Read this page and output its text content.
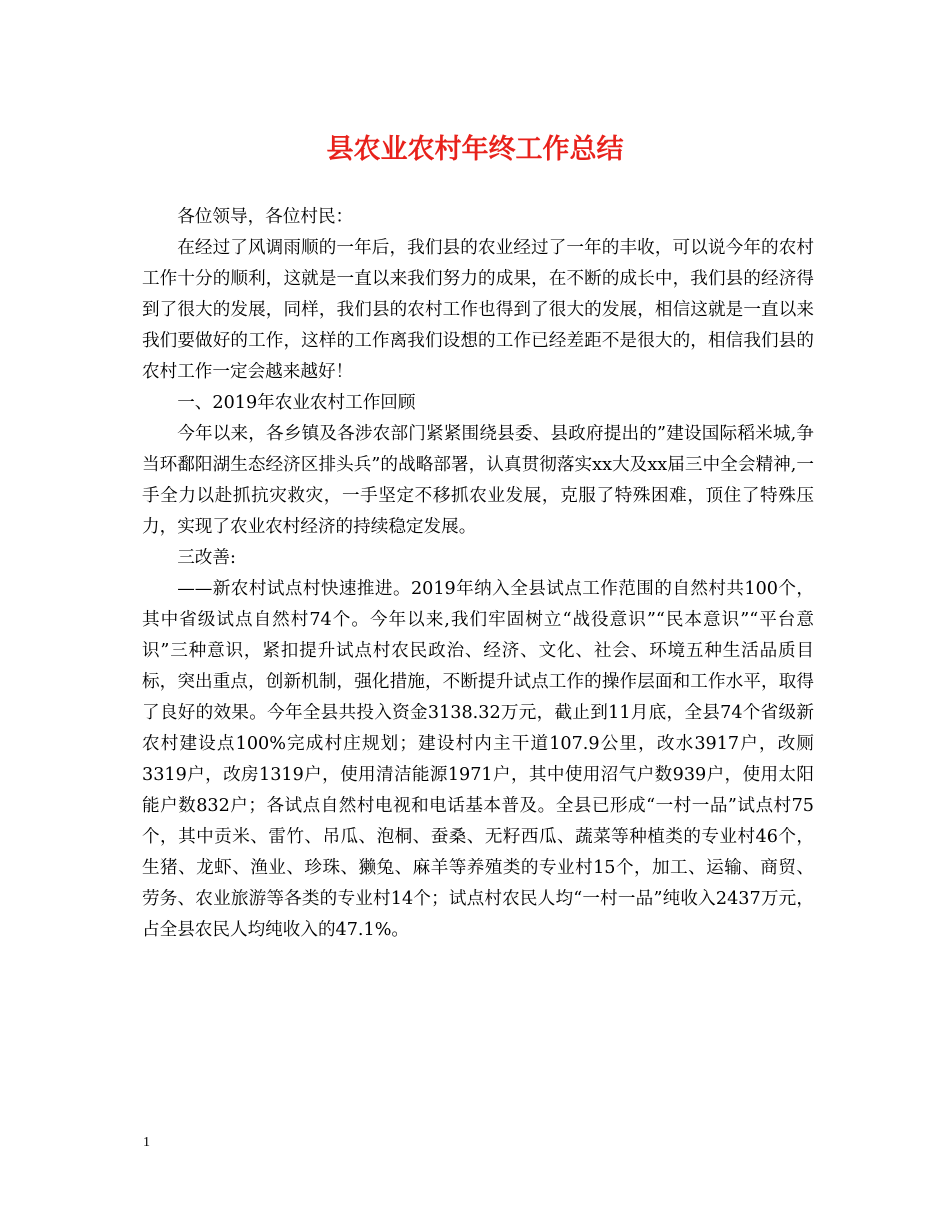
县农业农村年终工作总结

各位领导，各位村民：

在经过了风调雨顺的一年后，我们县的农业经过了一年的丰收，可以说今年的农村工作十分的顺利，这就是一直以来我们努力的成果，在不断的成长中，我们县的经济得到了很大的发展，同样，我们县的农村工作也得到了很大的发展，相信这就是一直以来我们要做好的工作，这样的工作离我们设想的工作已经差距不是很大的，相信我们县的农村工作一定会越来越好！

一、2019年农业农村工作回顾

今年以来，各乡镇及各涉农部门紧紧围绕县委、县政府提出的”建设国际稻米城,争当环鄱阳湖生态经济区排头兵”的战略部署，认真贯彻落实xx大及xx届三中全会精神,一手全力以赴抓抗灾救灾，一手坚定不移抓农业发展，克服了特殊困难，顶住了特殊压力，实现了农业农村经济的持续稳定发展。

三改善:

——新农村试点村快速推进。2019年纳入全县试点工作范围的自然村共100个，其中省级试点自然村74个。今年以来,我们牢固树立“战役意识”“民本意识”“平台意识”三种意识，紧扣提升试点村农民政治、经济、文化、社会、环境五种生活品质目标，突出重点，创新机制，强化措施，不断提升试点工作的操作层面和工作水平，取得了良好的效果。今年全县共投入资金3138.32万元，截止到11月底，全县74个省级新农村建设点100%完成村庄规划；建设村内主干道107.9公里，改水3917户，改厕3319户，改房1319户，使用清洁能源1971户，其中使用沼气户数939户，使用太阳能户数832户；各试点自然村电视和电话基本普及。全县已形成“一村一品”试点村75个，其中贡米、雷竹、吊瓜、泡桐、蚕桑、无籽西瓜、蔬菜等种植类的专业村46个，生猪、龙虾、渔业、珍珠、獭兔、麻羊等养殖类的专业村15个，加工、运输、商贸、劳务、农业旅游等各类的专业村14个；试点村农民人均“一村一品”纯收入2437万元，占全县农民人均纯收入的47.1%。

1
